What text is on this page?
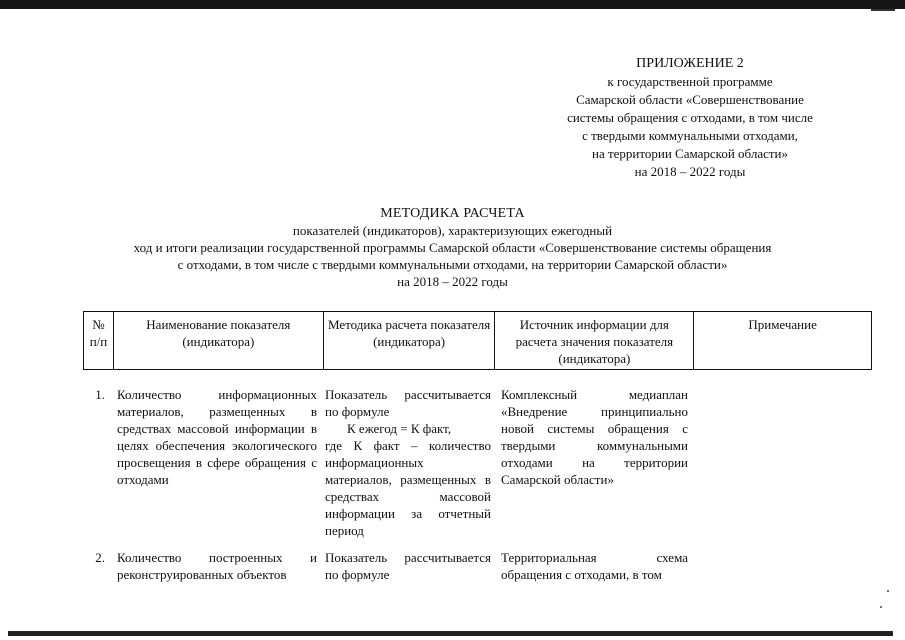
ПРИЛОЖЕНИЕ 2
к государственной программе
Самарской области «Совершенствование
системы обращения с отходами, в том числе
с твердыми коммунальными отходами,
на территории Самарской области»
на 2018 – 2022 годы
МЕТОДИКА РАСЧЕТА
показателей (индикаторов), характеризующих ежегодный
ход и итоги реализации государственной программы Самарской области «Совершенствование системы обращения
с отходами, в том числе с твердыми коммунальными отходами, на территории Самарской области»
на 2018 – 2022 годы
№ п/п
Наименование показателя (индикатора)
Методика расчета показателя (индикатора)
Источник информации для расчета значения показателя (индикатора)
Примечание
1. Количество информационных материалов, размещенных в средствах массовой информации в целях обеспечения экологического просвещения в сфере обращения с отходами
Показатель рассчитывается по формуле
К ежегод = К факт,
где К факт – количество информационных материалов, размещенных в средствах массовой информации за отчетный период
Комплексный медиаплан «Внедрение принципиально новой системы обращения с твердыми коммунальными отходами на территории Самарской области»
2. Количество построенных и реконструированных объектов
Показатель рассчитывается по формуле
Территориальная схема обращения с отходами, в том
